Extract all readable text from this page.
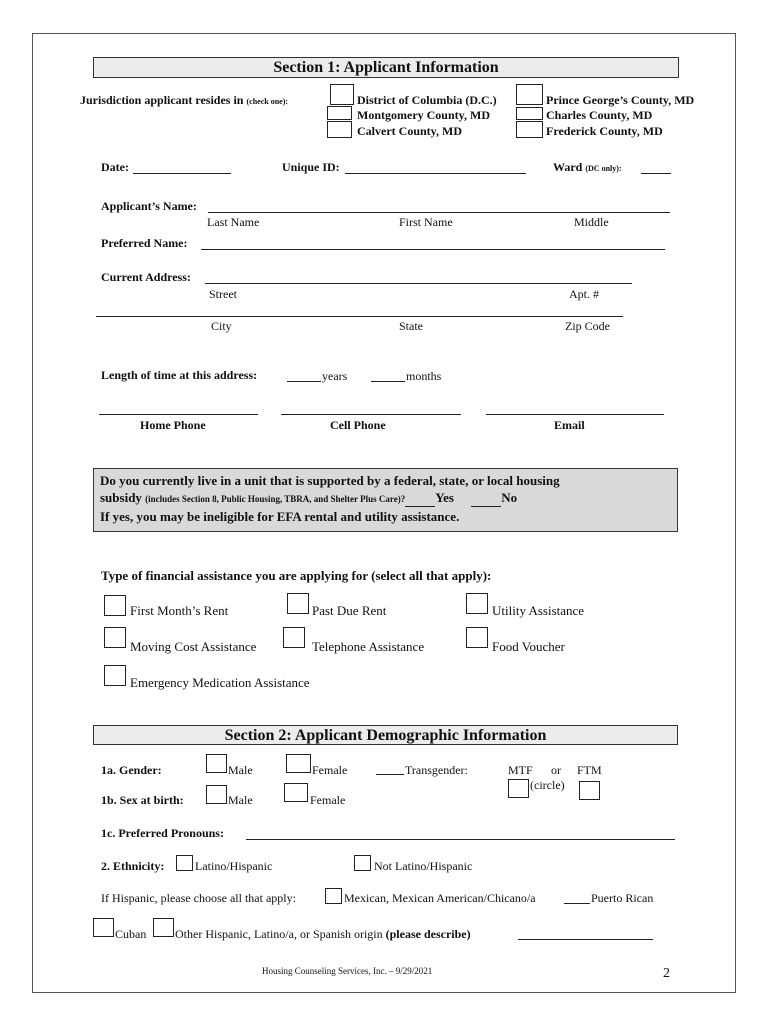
Section 1: Applicant Information
Jurisdiction applicant resides in (check one):	District of Columbia (D.C.)	Prince George’s County, MD
Montgomery County, MD	Charles County, MD
Calvert County, MD	Frederick County, MD
Date:	Unique ID:	Ward (DC only):
Applicant’s Name:
Last Name	First Name	Middle
Preferred Name:
Current Address:
Street	Apt. #
City	State	Zip Code
Length of time at this address:	years	months
Home Phone	Cell Phone	Email
Do you currently live in a unit that is supported by a federal, state, or local housing
subsidy (includes Section 8, Public Housing, TBRA, and Shelter Plus Care)? Yes	No
If yes, you may be ineligible for EFA rental and utility assistance.
Type of financial assistance you are applying for (select all that apply):
First Month’s Rent	Past Due Rent	Utility Assistance
Moving Cost Assistance	Telephone Assistance	Food Voucher
Emergency Medication Assistance
Section 2: Applicant Demographic Information
1a. Gender:	Male	Female	Transgender:	MTF or FTM
(circle)
1b. Sex at birth:	Male	Female
1c. Preferred Pronouns:
2. Ethnicity:	Latino/Hispanic	Not Latino/Hispanic
If Hispanic, please choose all that apply:	Mexican, Mexican American/Chicano/a	Puerto Rican
Cuban Other Hispanic, Latino/a, or Spanish origin (please describe)
Housing Counseling Services, Inc. – 9/29/2021	2
